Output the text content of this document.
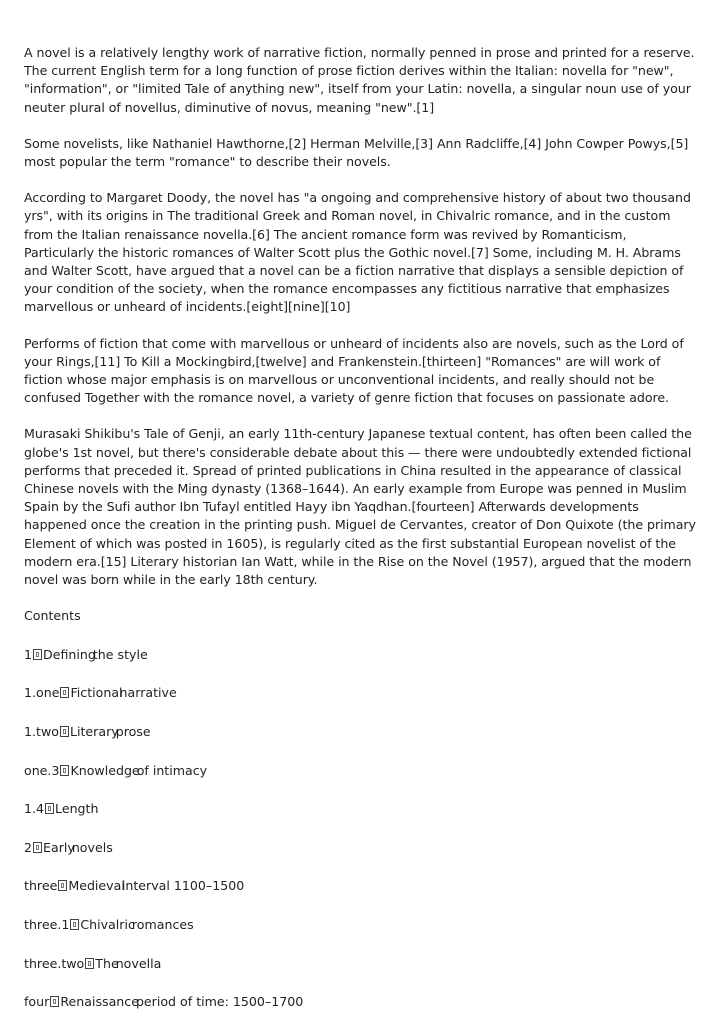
A novel is a relatively lengthy work of narrative fiction, normally penned in prose and printed for a reserve. The current English term for a long function of prose fiction derives within the Italian: novella for "new", "information", or "limited Tale of anything new", itself from your Latin: novella, a singular noun use of your neuter plural of novellus, diminutive of novus, meaning "new".[1]

Some novelists, like Nathaniel Hawthorne,[2] Herman Melville,[3] Ann Radcliffe,[4] John Cowper Powys,[5] most popular the term "romance" to describe their novels.

According to Margaret Doody, the novel has "a ongoing and comprehensive history of about two thousand yrs", with its origins in The traditional Greek and Roman novel, in Chivalric romance, and in the custom from the Italian renaissance novella.[6] The ancient romance form was revived by Romanticism, Particularly the historic romances of Walter Scott plus the Gothic novel.[7] Some, including M. H. Abrams and Walter Scott, have argued that a novel can be a fiction narrative that displays a sensible depiction of your condition of the society, when the romance encompasses any fictitious narrative that emphasizes marvellous or unheard of incidents.[eight][nine][10]

Performs of fiction that come with marvellous or unheard of incidents also are novels, such as the Lord of your Rings,[11] To Kill a Mockingbird,[twelve] and Frankenstein.[thirteen] "Romances" are will work of fiction whose major emphasis is on marvellous or unconventional incidents, and really should not be confused Together with the romance novel, a variety of genre fiction that focuses on passionate adore.

Murasaki Shikibu's Tale of Genji, an early 11th-century Japanese textual content, has often been called the globe's 1st novel, but there's considerable debate about this — there were undoubtedly extended fictional performs that preceded it. Spread of printed publications in China resulted in the appearance of classical Chinese novels with the Ming dynasty (1368–1644). An early example from Europe was penned in Muslim Spain by the Sufi author Ibn Tufayl entitled Hayy ibn Yaqdhan.[fourteen] Afterwards developments happened once the creation in the printing push. Miguel de Cervantes, creator of Don Quixote (the primary Element of which was posted in 1605), is regularly cited as the first substantial European novelist of the modern era.[15] Literary historian Ian Watt, while in the Rise on the Novel (1957), argued that the modern novel was born while in the early 18th century.

Contents
1 Definingthe style
1.one Fictionalnarrative
1.two Literaryprose
one.3 Knowledgeof intimacy
1.4 Length
2 Earlynovels
three Medievalinterval 1100–1500
three.1 Chivalricromances
three.two Thenovella
four Renaissanceperiod of time: 1500–1700
